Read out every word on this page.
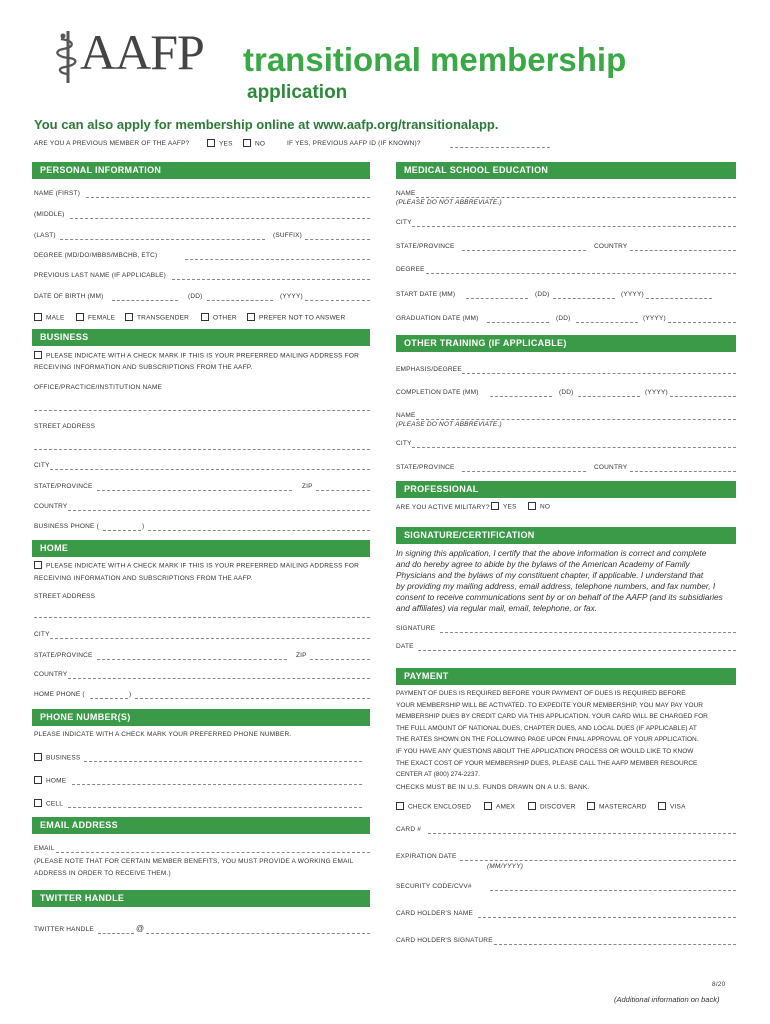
AAFP transitional membership
application
You can also apply for membership online at www.aafp.org/transitionalapp.
ARE YOU A PREVIOUS MEMBER OF THE AAFP?	YES	NO	IF YES, PREVIOUS AAFP ID (IF KNOWN)?
PERSONAL INFORMATION
NAME (FIRST)
(MIDDLE)
(LAST)	(SUFFIX)
DEGREE (MD/DO/MBBS/MBCHB, ETC)
PREVIOUS LAST NAME (IF APPLICABLE)
DATE OF BIRTH (MM)	(DD)	(YYYY)
MALE	FEMALE	TRANSGENDER	OTHER	PREFER NOT TO ANSWER
BUSINESS
PLEASE INDICATE WITH A CHECK MARK IF THIS IS YOUR PREFERRED MAILING ADDRESS FOR
RECEIVING INFORMATION AND SUBSCRIPTIONS FROM THE AAFP.
OFFICE/PRACTICE/INSTITUTION NAME
STREET ADDRESS
CITY
STATE/PROVINCE	ZIP
COUNTRY
BUSINESS PHONE (	)
HOME
PLEASE INDICATE WITH A CHECK MARK IF THIS IS YOUR PREFERRED MAILING ADDRESS FOR
RECEIVING INFORMATION AND SUBSCRIPTIONS FROM THE AAFP.
STREET ADDRESS
CITY
STATE/PROVINCE	ZIP
COUNTRY
HOME PHONE (	)
PHONE NUMBER(S)
PLEASE INDICATE WITH A CHECK MARK YOUR PREFERRED PHONE NUMBER.
BUSINESS
HOME
CELL
EMAIL ADDRESS
EMAIL
(PLEASE NOTE THAT FOR CERTAIN MEMBER BENEFITS, YOU MUST PROVIDE A WORKING EMAIL
ADDRESS IN ORDER TO RECEIVE THEM.)
TWITTER HANDLE
TWITTER HANDLE	@
MEDICAL SCHOOL EDUCATION
NAME
(PLEASE DO NOT ABBREVIATE.)
CITY
STATE/PROVINCE	COUNTRY
DEGREE
START DATE (MM)	(DD)	(YYYY)
GRADUATION DATE (MM)	(DD)	(YYYY)
OTHER TRAINING (IF APPLICABLE)
EMPHASIS/DEGREE
COMPLETION DATE (MM)	(DD)	(YYYY)
NAME
(PLEASE DO NOT ABBREVIATE.)
CITY
STATE/PROVINCE	COUNTRY
PROFESSIONAL
ARE YOU ACTIVE MILITARY?	YES	NO
SIGNATURE/CERTIFICATION
In signing this application, I certify that the above information is correct and complete
and do hereby agree to abide by the bylaws of the American Academy of Family
Physicians and the bylaws of my constituent chapter, if applicable. I understand that
by providing my mailing address, email address, telephone numbers, and fax number, I
consent to receive communications sent by or on behalf of the AAFP (and its subsidiaries
and affiliates) via regular mail, email, telephone, or fax.
SIGNATURE
DATE
PAYMENT
PAYMENT OF DUES IS REQUIRED BEFORE YOUR PAYMENT OF DUES IS REQUIRED BEFORE
YOUR MEMBERSHIP WILL BE ACTIVATED. TO EXPEDITE YOUR MEMBERSHIP, YOU MAY PAY YOUR
MEMBERSHIP DUES BY CREDIT CARD VIA THIS APPLICATION. YOUR CARD WILL BE CHARGED FOR
THE FULL AMOUNT OF NATIONAL DUES, CHAPTER DUES, AND LOCAL DUES (IF APPLICABLE) AT
THE RATES SHOWN ON THE FOLLOWING PAGE UPON FINAL APPROVAL OF YOUR APPLICATION.
IF YOU HAVE ANY QUESTIONS ABOUT THE APPLICATION PROCESS OR WOULD LIKE TO KNOW
THE EXACT COST OF YOUR MEMBERSHIP DUES, PLEASE CALL THE AAFP MEMBER RESOURCE
CENTER AT (800) 274-2237.
CHECKS MUST BE IN U.S. FUNDS DRAWN ON A U.S. BANK.
CHECK ENCLOSED	AMEX	DISCOVER	MASTERCARD	VISA
CARD #
EXPIRATION DATE
(MM/YYYY)
SECURITY CODE/CVV#
CARD HOLDER'S NAME
CARD HOLDER'S SIGNATURE
8/20
(Additional information on back)
